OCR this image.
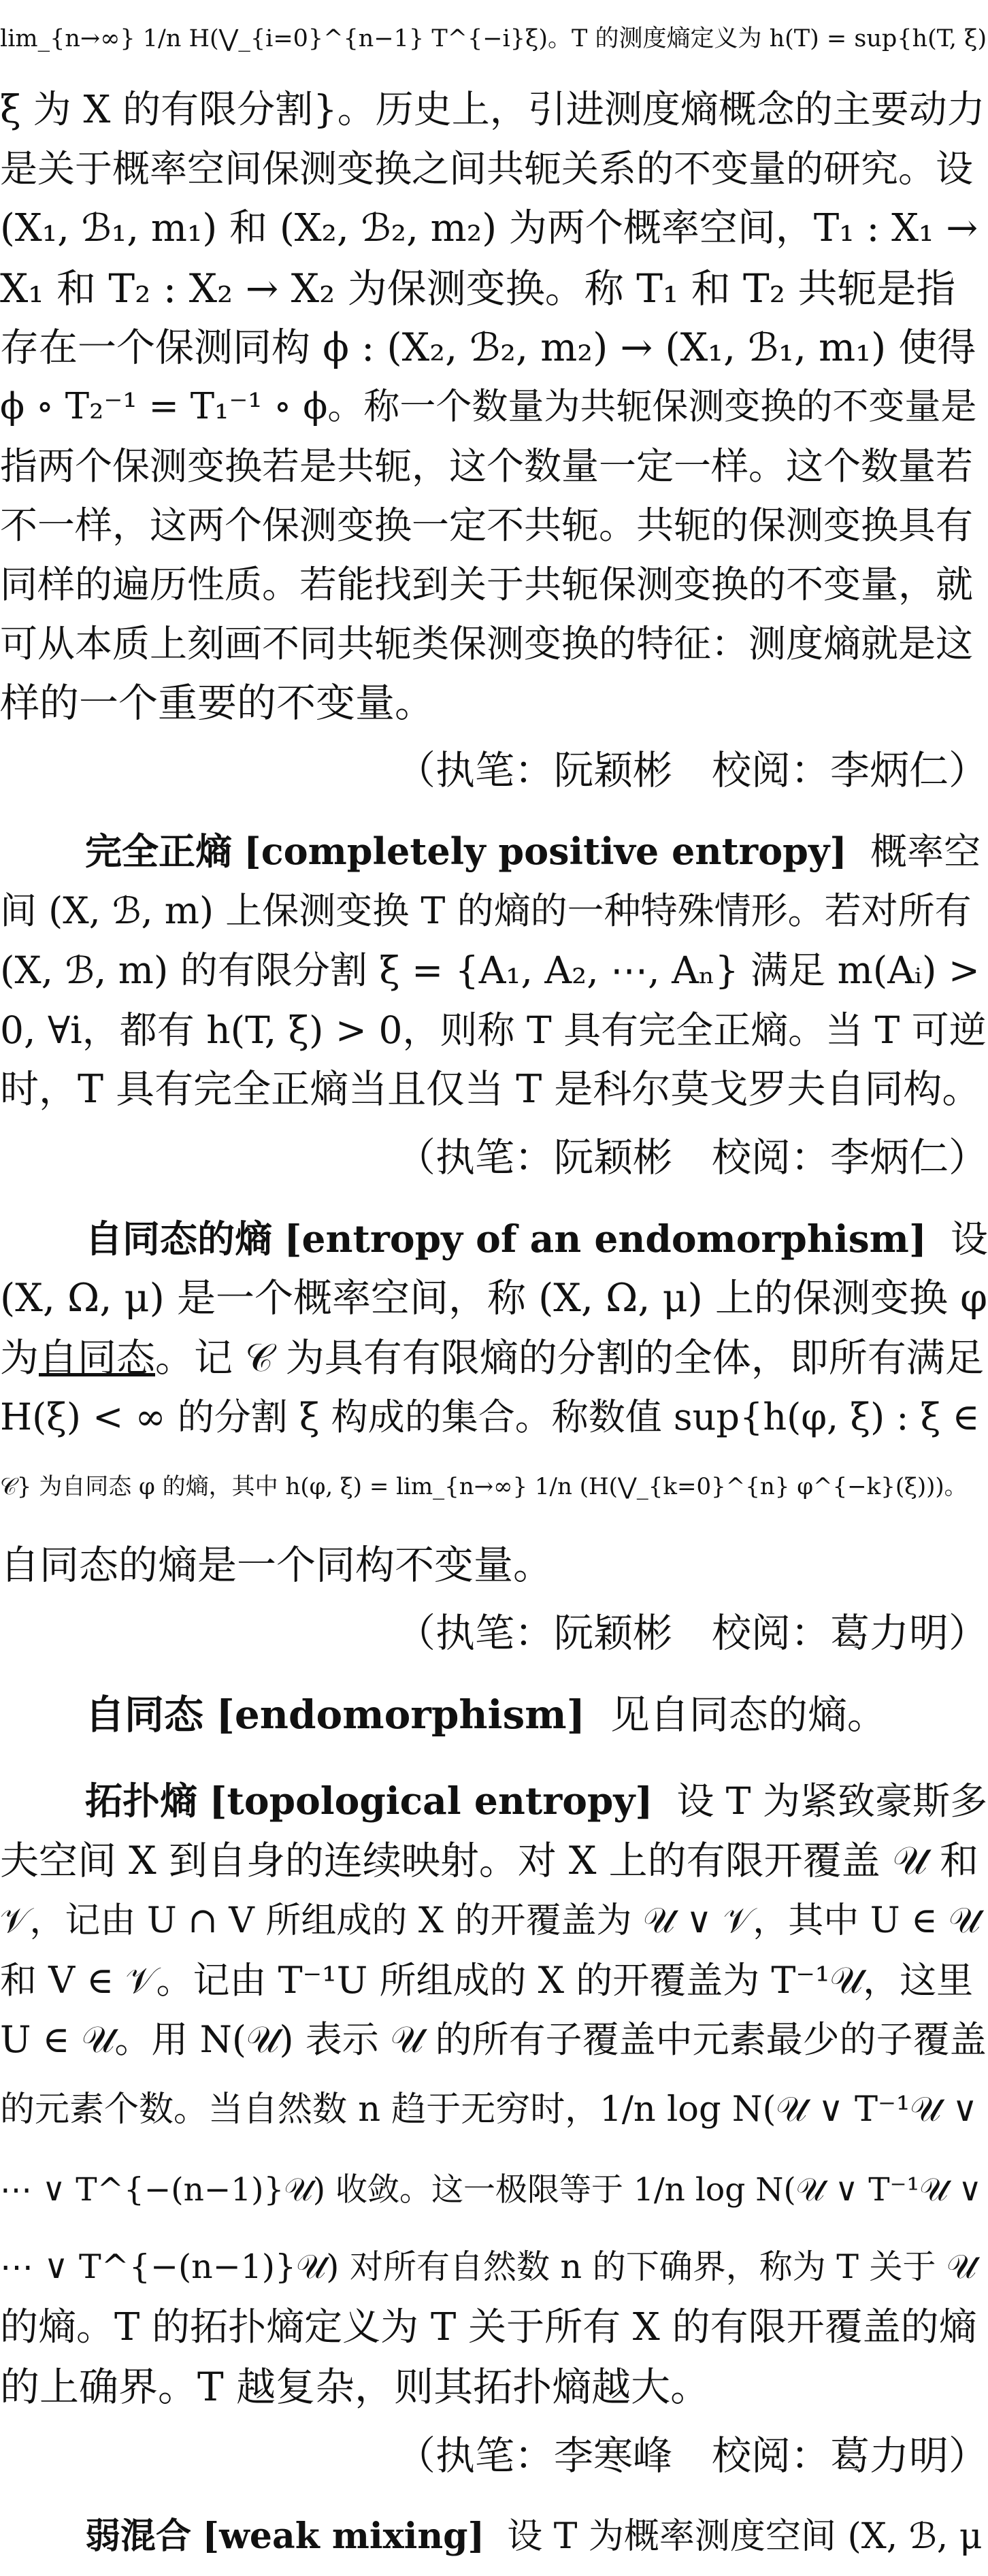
lim_{n→∞} 1/n H(⋁_{i=0}^{n−1} T^{−i}ξ)。T 的测度熵定义为 h(T) = sup{h(T, ξ)
ξ 为 X 的有限分割}。历史上，引进测度熵概念的主要动力
是关于概率空间保测变换之间共轭关系的不变量的研究。设
(X₁, ℬ₁, m₁) 和 (X₂, ℬ₂, m₂) 为两个概率空间，T₁ : X₁ →
X₁ 和 T₂ : X₂ → X₂ 为保测变换。称 T₁ 和 T₂ 共轭是指
存在一个保测同构 ϕ : (X₂, ℬ₂, m₂) → (X₁, ℬ₁, m₁) 使得
ϕ ∘ T₂⁻¹ = T₁⁻¹ ∘ ϕ。称一个数量为共轭保测变换的不变量是
指两个保测变换若是共轭，这个数量一定一样。这个数量若
不一样，这两个保测变换一定不共轭。共轭的保测变换具有
同样的遍历性质。若能找到关于共轭保测变换的不变量，就
可从本质上刻画不同共轭类保测变换的特征：测度熵就是这
样的一个重要的不变量。
（执笔：阮颖彬　校阅：李炳仁）
完全正熵 [completely positive entropy] 概率空
间 (X, ℬ, m) 上保测变换 T 的熵的一种特殊情形。若对所有
(X, ℬ, m) 的有限分割 ξ = {A₁, A₂, ⋯, Aₙ} 满足 m(Aᵢ) >
0, ∀i，都有 h(T, ξ) > 0，则称 T 具有完全正熵。当 T 可逆
时，T 具有完全正熵当且仅当 T 是科尔莫戈罗夫自同构。
（执笔：阮颖彬　校阅：李炳仁）
自同态的熵 [entropy of an endomorphism] 设
(X, Ω, μ) 是一个概率空间，称 (X, Ω, μ) 上的保测变换 φ
为自同态。记 𝒞 为具有有限熵的分割的全体，即所有满足
H(ξ) < ∞ 的分割 ξ 构成的集合。称数值 sup{h(φ, ξ) : ξ ∈
𝒞} 为自同态 φ 的熵，其中 h(φ, ξ) = lim_{n→∞} 1/n (H(⋁_{k=0}^{n} φ^{−k}(ξ)))。
自同态的熵是一个同构不变量。
（执笔：阮颖彬　校阅：葛力明）
自同态 [endomorphism] 见自同态的熵。
拓扑熵 [topological entropy] 设 T 为紧致豪斯多
夫空间 X 到自身的连续映射。对 X 上的有限开覆盖 𝒰 和
𝒱，记由 U ∩ V 所组成的 X 的开覆盖为 𝒰 ∨ 𝒱，其中 U ∈ 𝒰
和 V ∈ 𝒱。记由 T⁻¹U 所组成的 X 的开覆盖为 T⁻¹𝒰，这里
U ∈ 𝒰。用 N(𝒰) 表示 𝒰 的所有子覆盖中元素最少的子覆盖
的元素个数。当自然数 n 趋于无穷时，1/n log N(𝒰 ∨ T⁻¹𝒰 ∨
⋯ ∨ T^{−(n−1)}𝒰) 收敛。这一极限等于 1/n log N(𝒰 ∨ T⁻¹𝒰 ∨
⋯ ∨ T^{−(n−1)}𝒰) 对所有自然数 n 的下确界，称为 T 关于 𝒰
的熵。T 的拓扑熵定义为 T 关于所有 X 的有限开覆盖的熵
的上确界。T 越复杂，则其拓扑熵越大。
（执笔：李寒峰　校阅：葛力明）
弱混合 [weak mixing] 设 T 为概率测度空间 (X, ℬ, μ
